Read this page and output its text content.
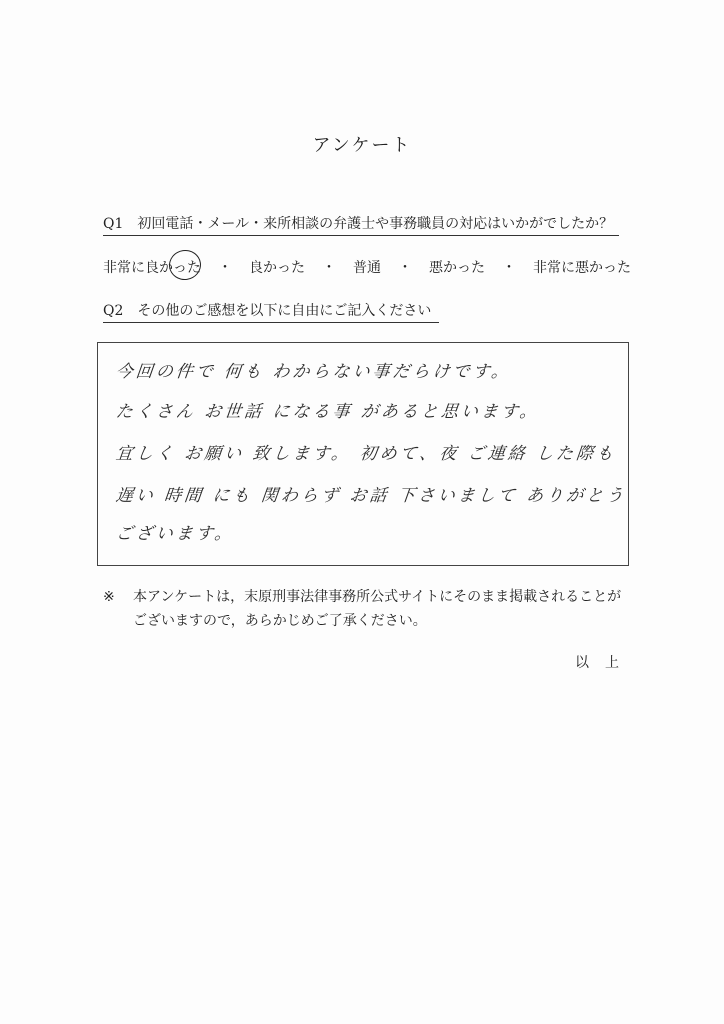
アンケート
Q1 初回電話・メール・来所相談の弁護士や事務職員の対応はいかがでしたか？
非常に良かった ・ 良かった ・ 普通 ・ 悪かった ・ 非常に悪かった
Q2 その他のご感想を以下に自由にご記入ください
今回の件で 何も わからない事だらけです。
たくさん お世話 になる事 があると思います。
宜しく お願い 致します。 初めて、夜 ご連絡 した際も
遅い 時間 にも 関わらず お話 下さいまして ありがとう
ございます。
※ 本アンケートは，末原刑事法律事務所公式サイトにそのまま掲載されることがございますので，あらかじめご了承ください。
以上
